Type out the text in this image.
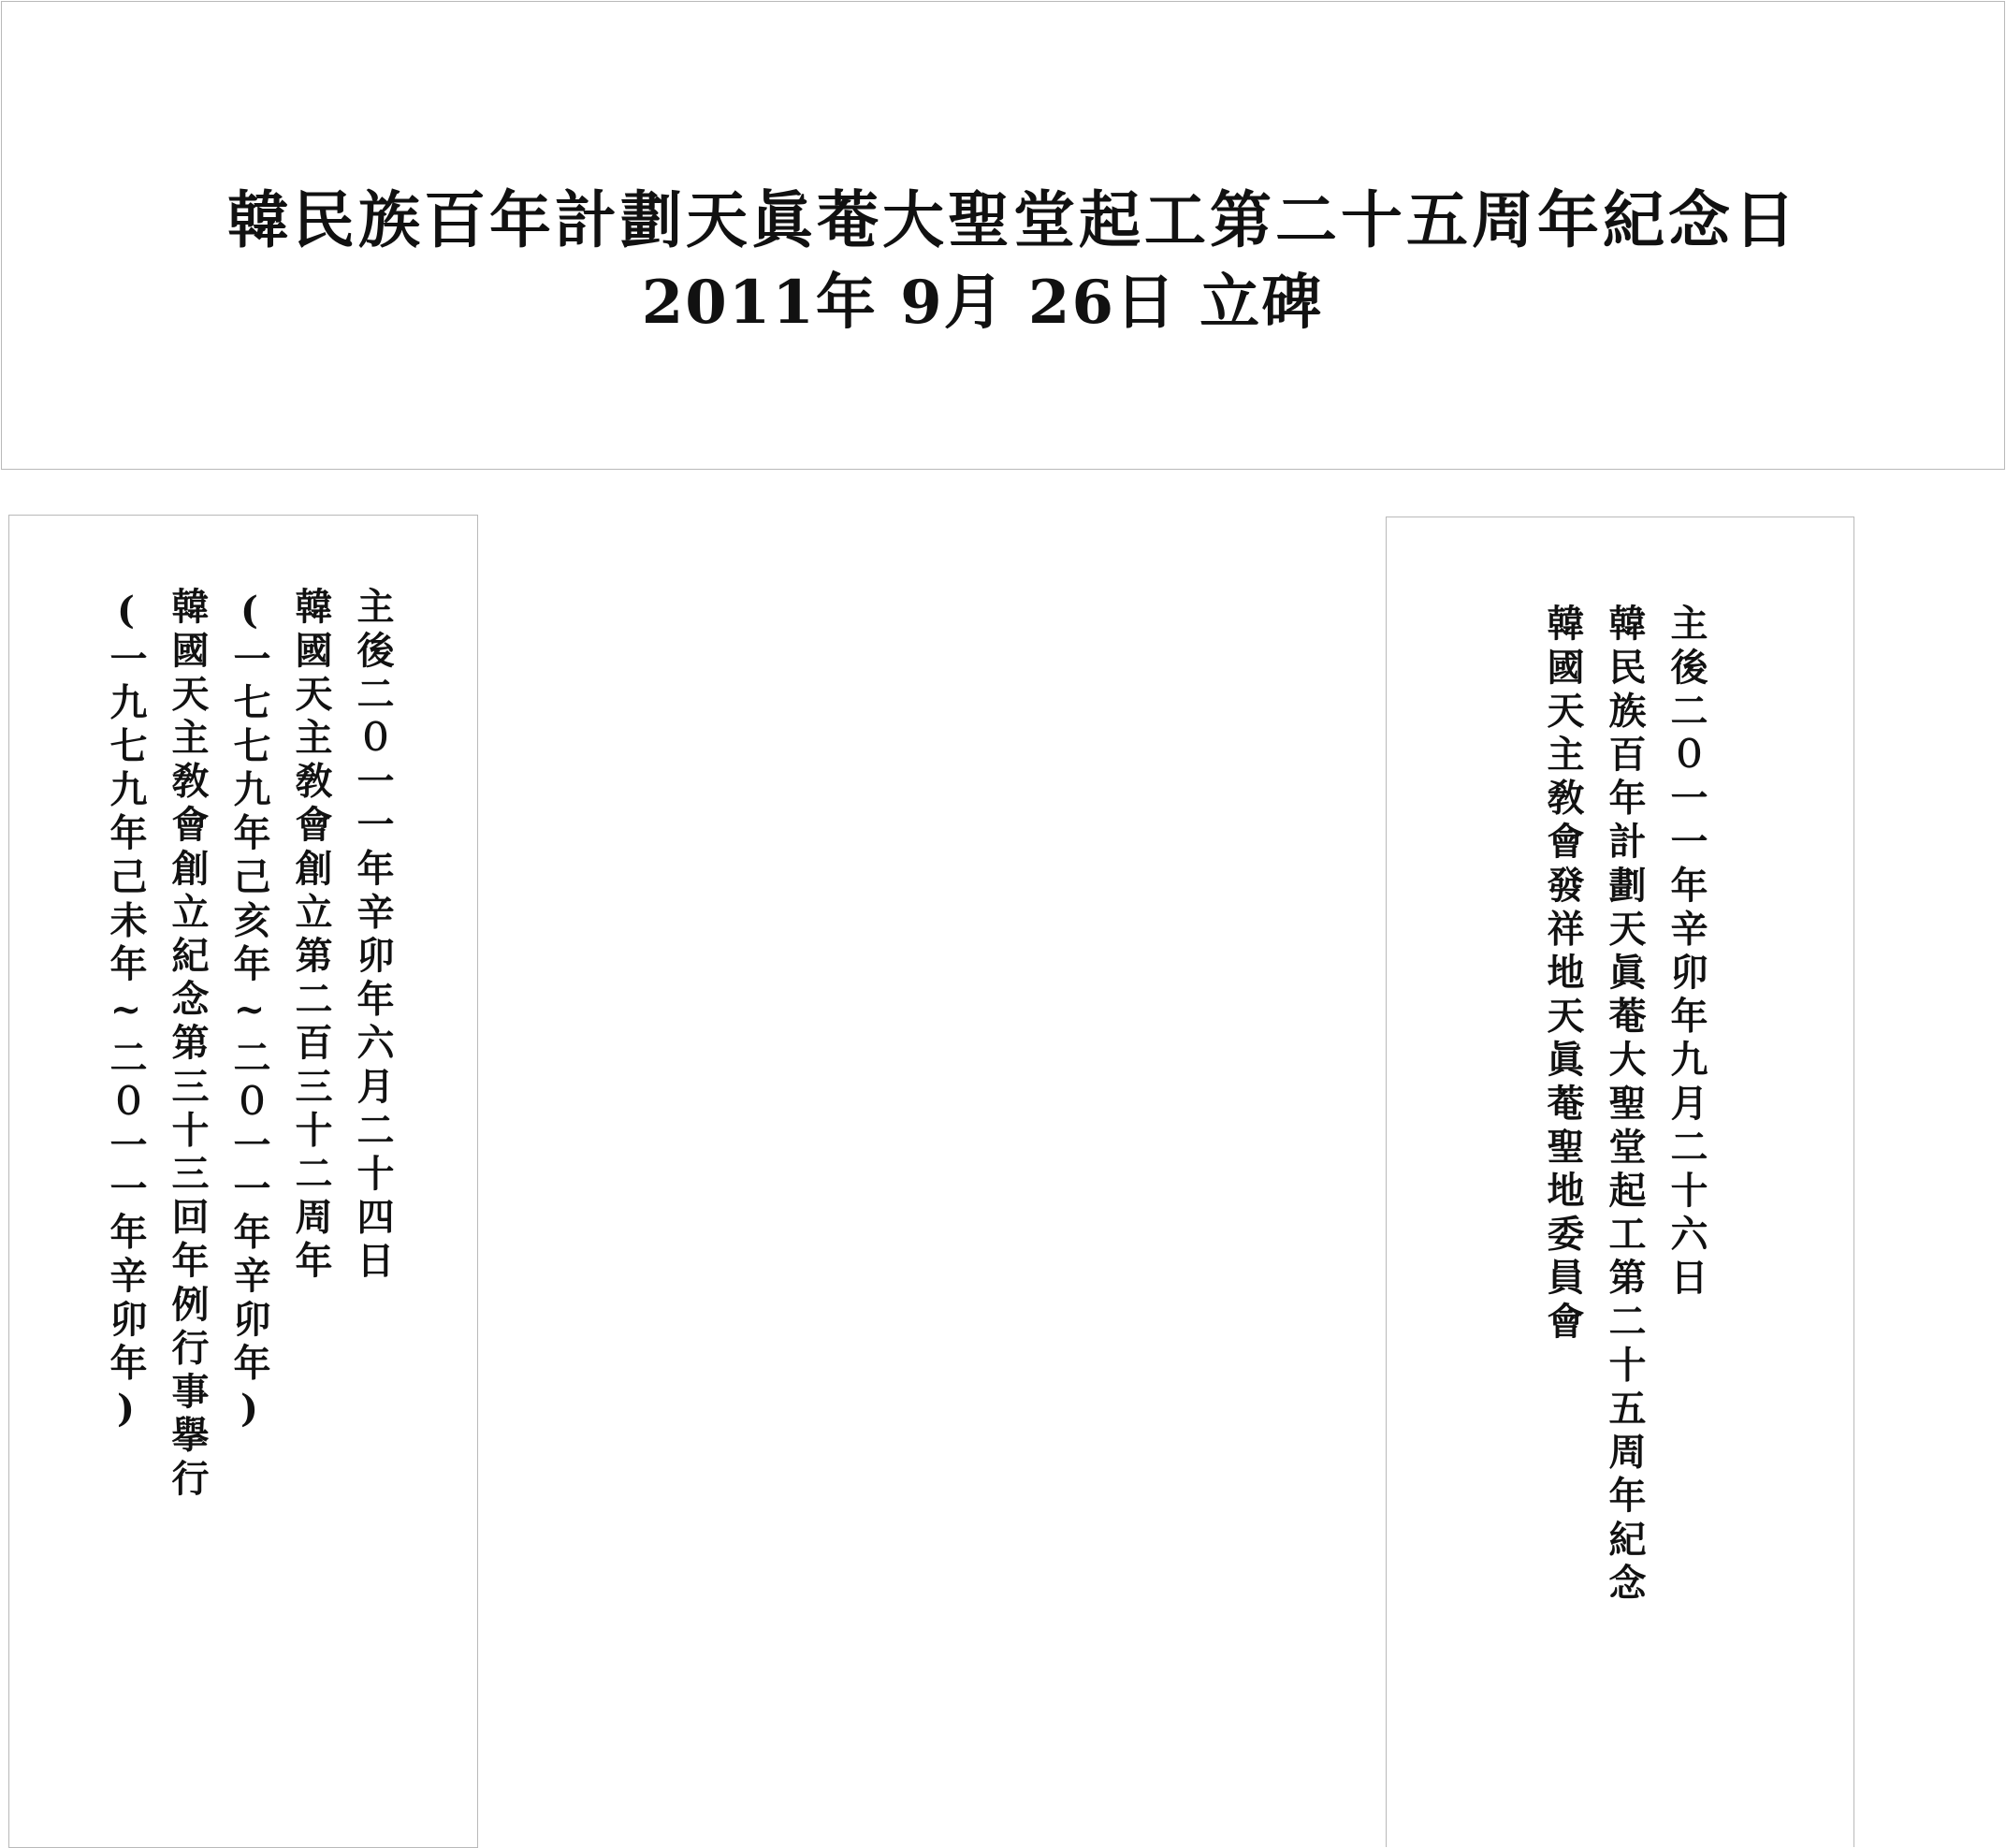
韓民族百年計劃天眞菴大聖堂起工第二十五周年紀念日
2011年 9月 26日 立碑
主後二０一一年辛卯年六月二十四日
韓國天主敎會創立第二百三十二周年
(一七七九年己亥年~二０一一年辛卯年)
韓國天主敎會創立紀念第三十三回年例行事擧行
(一九七九年己未年~二０一一年辛卯年)	主後二０一一年辛卯年九月二十六日
韓民族百年計劃天眞菴大聖堂起工第二十五周年紀念
韓國天主敎會發祥地天眞菴聖地委員會
